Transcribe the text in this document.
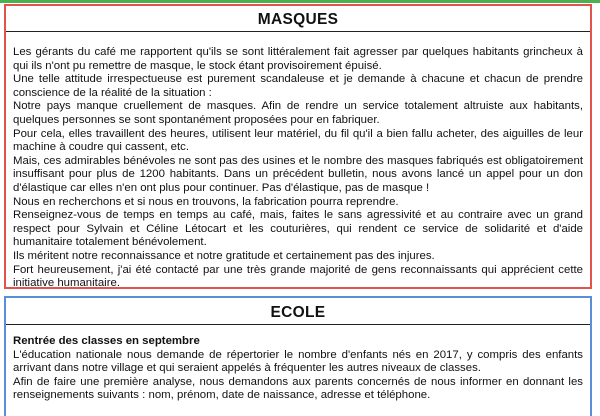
MASQUES

Les gérants du café me rapportent qu'ils se sont littéralement fait agresser par quelques habitants grincheux à qui ils n'ont pu remettre de masque, le stock étant provisoirement épuisé.

Une telle attitude irrespectueuse est purement scandaleuse et je demande à chacune et chacun de prendre conscience de la réalité de la situation :

Notre pays manque cruellement de masques. Afin de rendre un service totalement altruiste aux habitants, quelques personnes se sont spontanément proposées pour en fabriquer.

Pour cela, elles travaillent des heures, utilisent leur matériel, du fil qu'il a bien fallu acheter, des aiguilles de leur machine à coudre qui cassent, etc.

Mais, ces admirables bénévoles ne sont pas des usines et le nombre des masques fabriqués est obligatoirement insuffisant pour plus de 1200 habitants. Dans un précédent bulletin, nous avons lancé un appel pour un don d'élastique car elles n'en ont plus pour continuer. Pas d'élastique, pas de masque !

Nous en recherchons et si nous en trouvons, la fabrication pourra reprendre.

Renseignez-vous de temps en temps au café, mais, faites le sans agressivité et au contraire avec un grand respect pour Sylvain et Céline Létocart et les couturières, qui rendent ce service de solidarité et d'aide humanitaire totalement bénévolement.

Ils méritent notre reconnaissance et notre gratitude et certainement pas des injures.

Fort heureusement, j'ai été contacté par une très grande majorité de gens reconnaissants qui apprécient cette initiative humanitaire.

ECOLE

Rentrée des classes en septembre

L'éducation nationale nous demande de répertorier le nombre d'enfants nés en 2017, y compris des enfants arrivant dans notre village et qui seraient appelés à fréquenter les autres niveaux de classes.

Afin de faire une première analyse, nous demandons aux parents concernés de nous informer en donnant les renseignements suivants : nom, prénom, date de naissance, adresse et téléphone.
